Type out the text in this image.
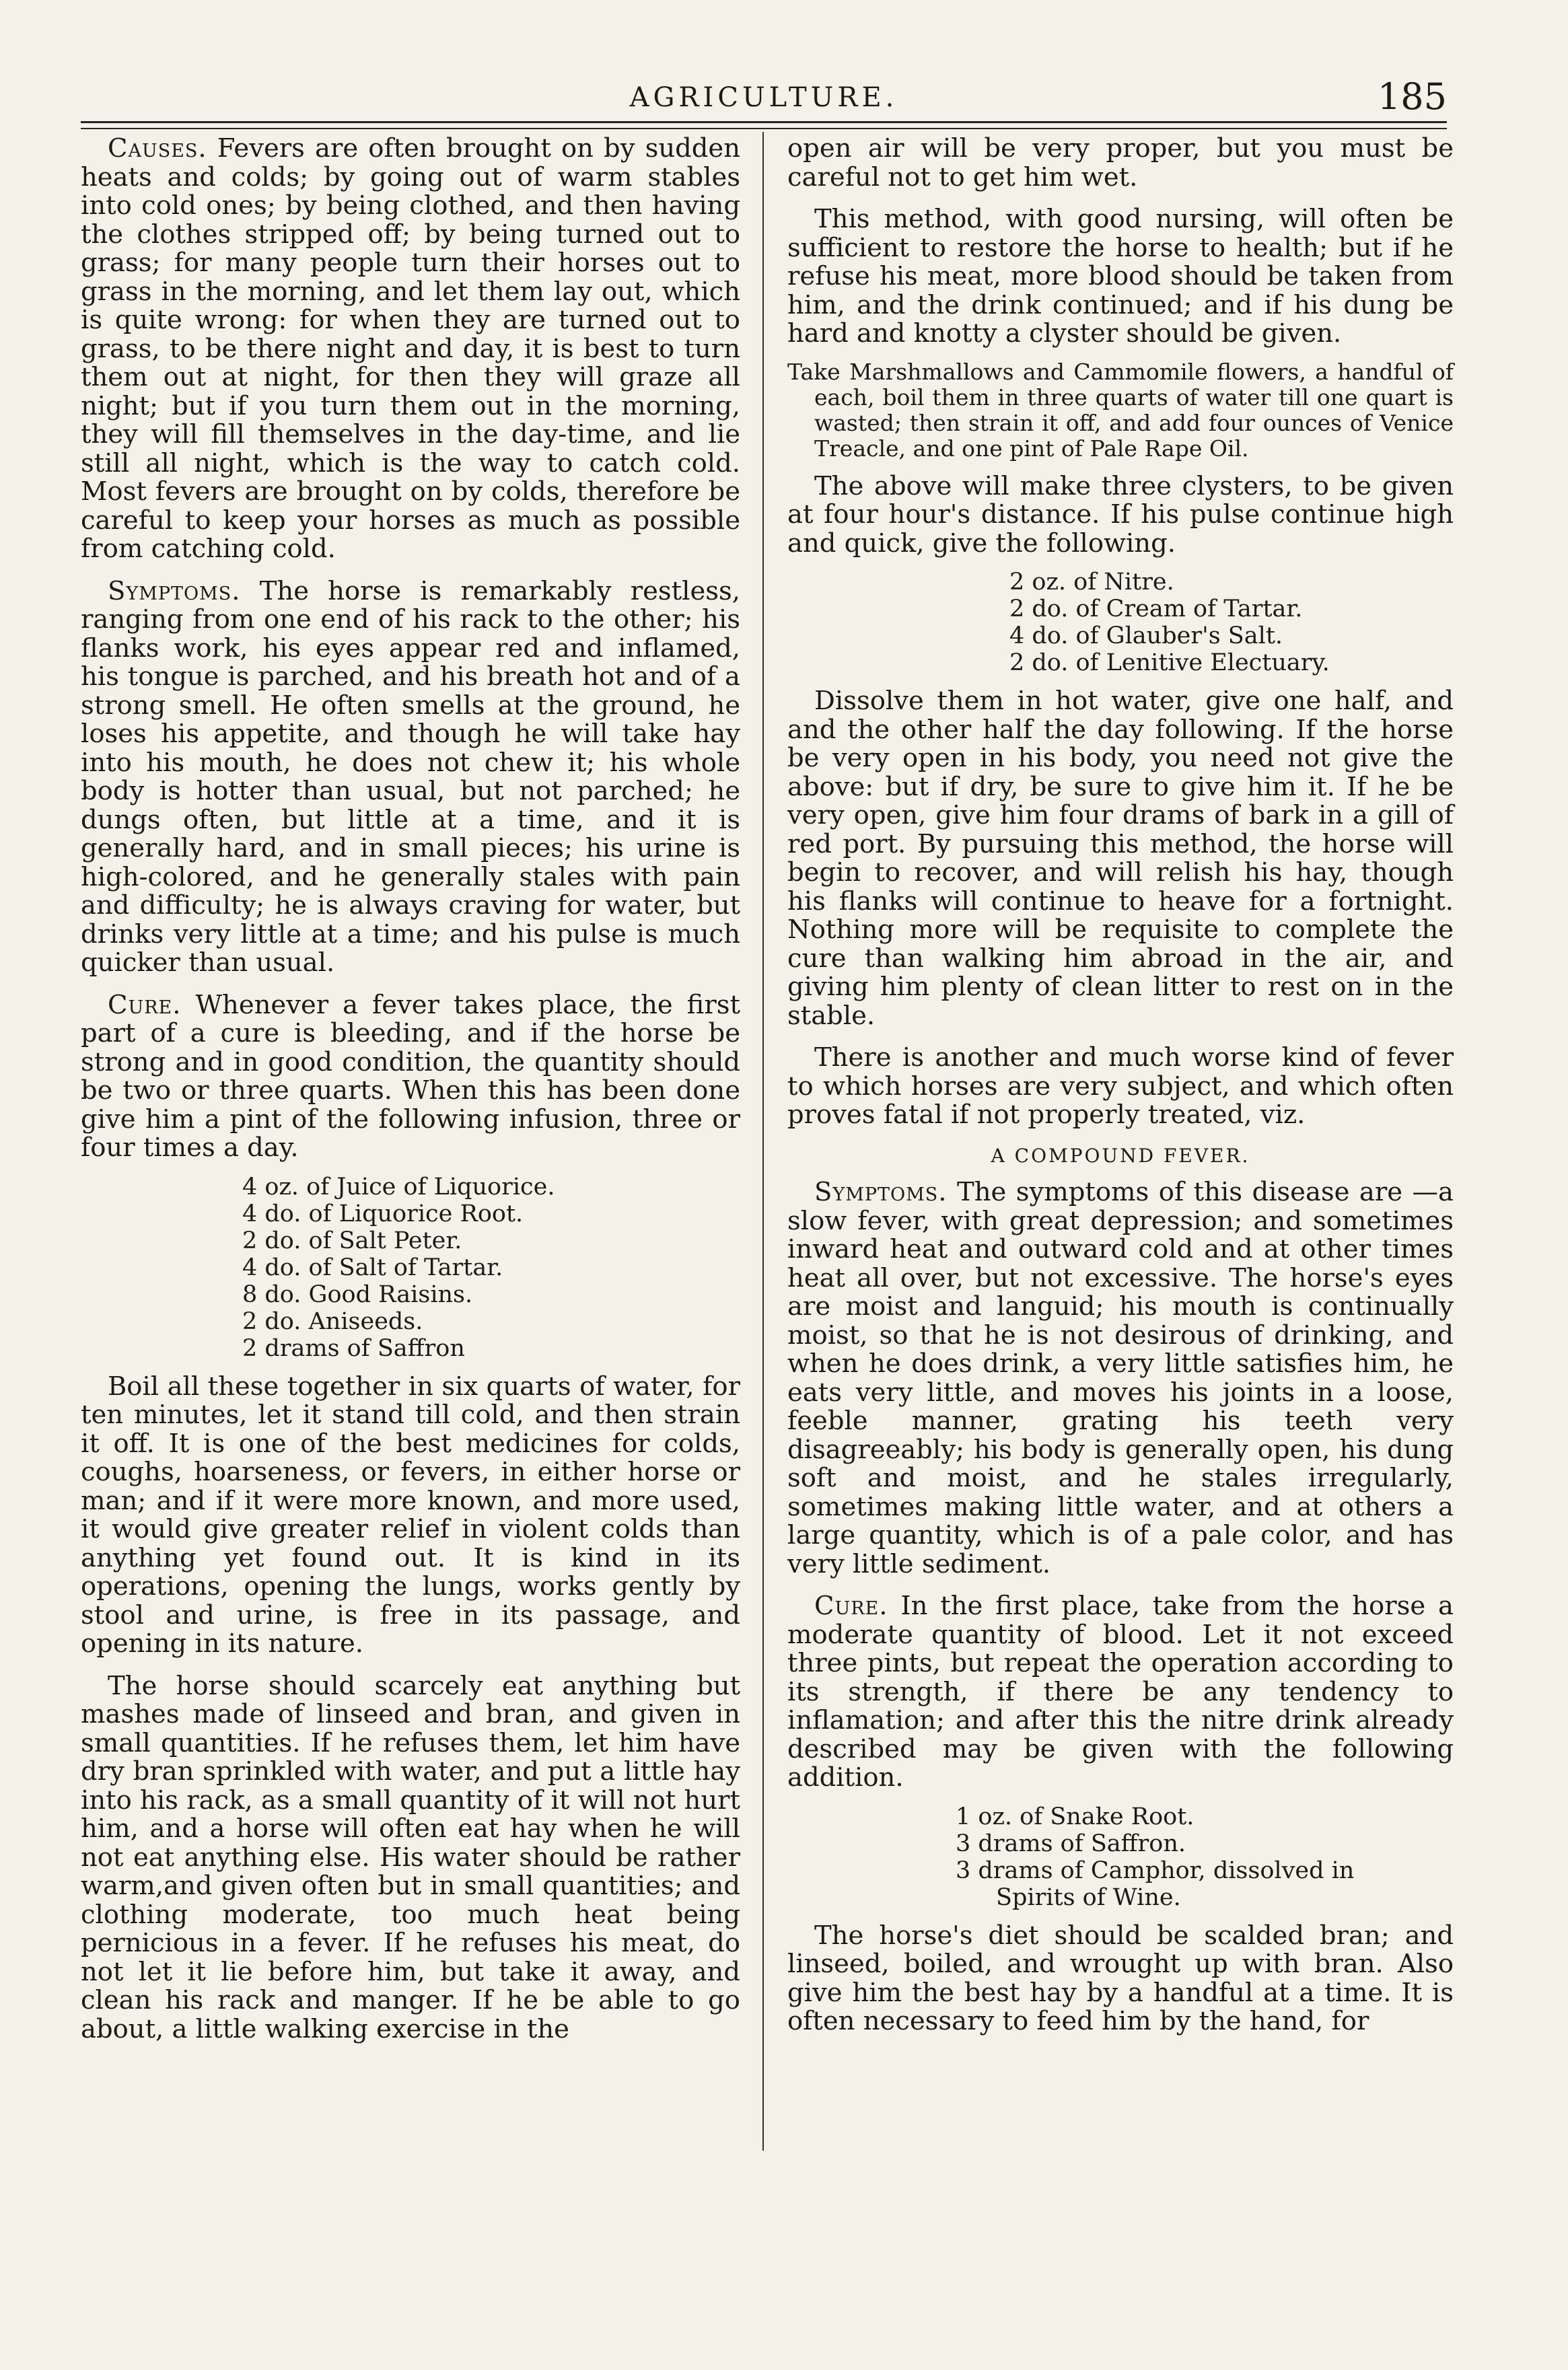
AGRICULTURE.	185

Causes. Fevers are often brought on by sudden heats and colds; by going out of warm stables into cold ones; by being clothed, and then having the clothes stripped off; by being turned out to grass; for many people turn their horses out to grass in the morning, and let them lay out, which is quite wrong: for when they are turned out to grass, to be there night and day, it is best to turn them out at night, for then they will graze all night; but if you turn them out in the morning, they will fill themselves in the day-time, and lie still all night, which is the way to catch cold. Most fevers are brought on by colds, therefore be careful to keep your horses as much as possible from catching cold.

Symptoms. The horse is remarkably restless, ranging from one end of his rack to the other; his flanks work, his eyes appear red and inflamed, his tongue is parched, and his breath hot and of a strong smell. He often smells at the ground, he loses his appetite, and though he will take hay into his mouth, he does not chew it; his whole body is hotter than usual, but not parched; he dungs often, but little at a time, and it is generally hard, and in small pieces; his urine is high-colored, and he generally stales with pain and difficulty; he is always craving for water, but drinks very little at a time; and his pulse is much quicker than usual.

Cure. Whenever a fever takes place, the first part of a cure is bleeding, and if the horse be strong and in good condition, the quantity should be two or three quarts. When this has been done give him a pint of the following infusion, three or four times a day.

4 oz. of Juice of Liquorice.
4 do. of Liquorice Root.
2 do. of Salt Peter.
4 do. of Salt of Tartar.
8 do. Good Raisins.
2 do. Aniseeds.
2 drams of Saffron

Boil all these together in six quarts of water, for ten minutes, let it stand till cold, and then strain it off. It is one of the best medicines for colds, coughs, hoarseness, or fevers, in either horse or man; and if it were more known, and more used, it would give greater relief in violent colds than anything yet found out. It is kind in its operations, opening the lungs, works gently by stool and urine, is free in its passage, and opening in its nature.

The horse should scarcely eat anything but mashes made of linseed and bran, and given in small quantities. If he refuses them, let him have dry bran sprinkled with water, and put a little hay into his rack, as a small quantity of it will not hurt him, and a horse will often eat hay when he will not eat anything else. His water should be rather warm,and given often but in small quantities; and clothing moderate, too much heat being pernicious in a fever. If he refuses his meat, do not let it lie before him, but take it away, and clean his rack and manger. If he be able to go about, a little walking exercise in the

open air will be very proper, but you must be careful not to get him wet.

This method, with good nursing, will often be sufficient to restore the horse to health; but if he refuse his meat, more blood should be taken from him, and the drink continued; and if his dung be hard and knotty a clyster should be given.

Take Marshmallows and Cammomile flowers, a handful of each, boil them in three quarts of water till one quart is wasted; then strain it off, and add four ounces of Venice Treacle, and one pint of Pale Rape Oil.

The above will make three clysters, to be given at four hour's distance. If his pulse continue high and quick, give the following.

2 oz. of Nitre.
2 do. of Cream of Tartar.
4 do. of Glauber's Salt.
2 do. of Lenitive Electuary.

Dissolve them in hot water, give one half, and and the other half the day following. If the horse be very open in his body, you need not give the above: but if dry, be sure to give him it. If he be very open, give him four drams of bark in a gill of red port. By pursuing this method, the horse will begin to recover, and will relish his hay, though his flanks will continue to heave for a fortnight. Nothing more will be requisite to complete the cure than walking him abroad in the air, and giving him plenty of clean litter to rest on in the stable.

There is another and much worse kind of fever to which horses are very subject, and which often proves fatal if not properly treated, viz.

A COMPOUND FEVER.

Symptoms. The symptoms of this disease are —a slow fever, with great depression; and sometimes inward heat and outward cold and at other times heat all over, but not excessive. The horse's eyes are moist and languid; his mouth is continually moist, so that he is not desirous of drinking, and when he does drink, a very little satisfies him, he eats very little, and moves his joints in a loose, feeble manner, grating his teeth very disagreeably; his body is generally open, his dung soft and moist, and he stales irregularly, sometimes making little water, and at others a large quantity, which is of a pale color, and has very little sediment.

Cure. In the first place, take from the horse a moderate quantity of blood. Let it not exceed three pints, but repeat the operation according to its strength, if there be any tendency to inflamation; and after this the nitre drink already described may be given with the following addition.

1 oz. of Snake Root.
3 drams of Saffron.
3 drams of Camphor, dissolved in
Spirits of Wine.

The horse's diet should be scalded bran; and linseed, boiled, and wrought up with bran. Also give him the best hay by a handful at a time. It is often necessary to feed him by the hand, for
